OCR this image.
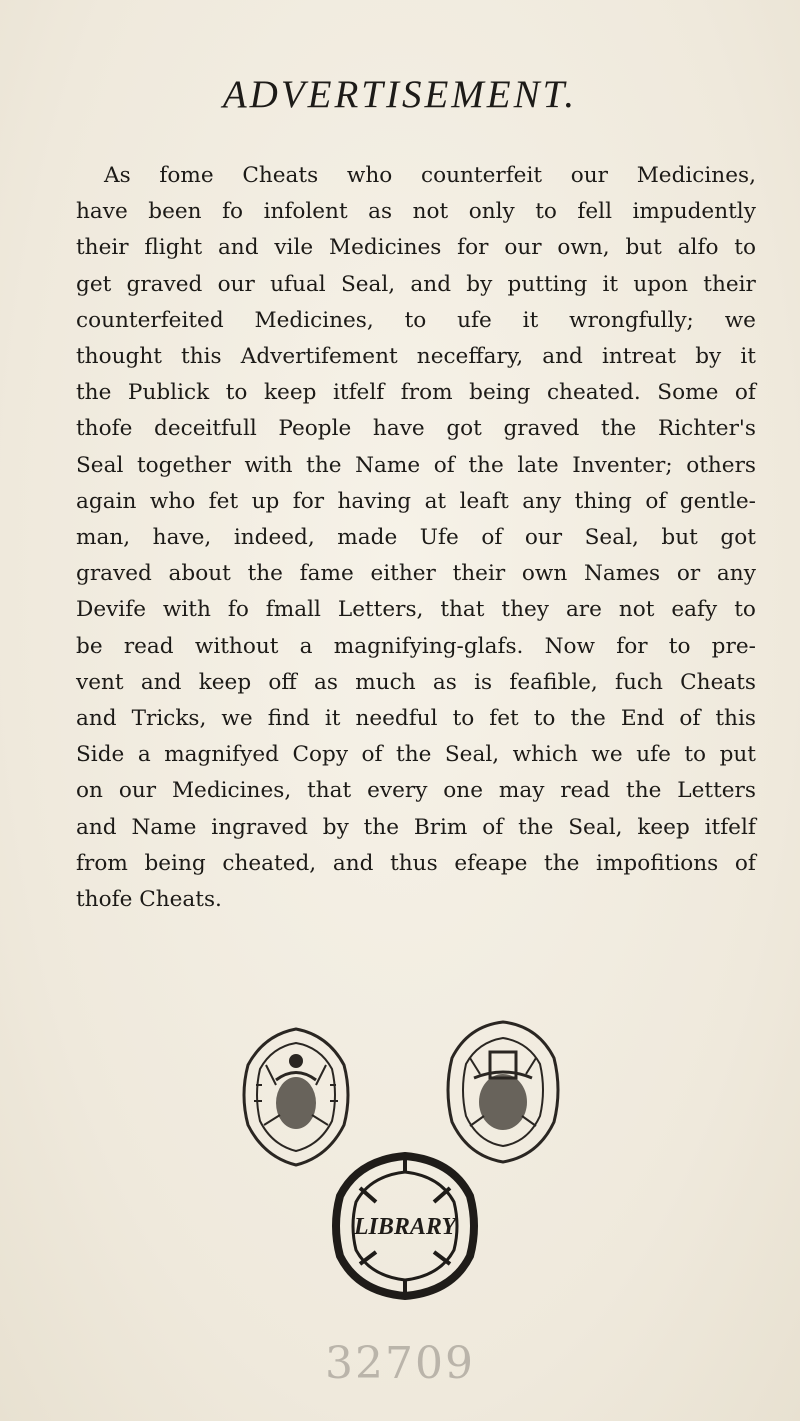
ADVERTISEMENT.
As fome Cheats who counterfeit our Medicines,
have been fo infolent as not only to fell impudently
their flight and vile Medicines for our own, but alfo to
get graved our ufual Seal, and by putting it upon their
counterfeited Medicines, to ufe it wrongfully; we
thought this Advertifement neceffary, and intreat by it
the Publick to keep itfelf from being cheated. Some of
thofe deceitfull People have got graved the Richter's
Seal together with the Name of the late Inventer; others
again who fet up for having at leaft any thing of gentle-
man, have, indeed, made Ufe of our Seal, but got
graved about the fame either their own Names or any
Devife with fo fmall Letters, that they are not eafy to
be read without a magnifying-glafs. Now for to pre-
vent and keep off as much as is feafible, fuch Cheats
and Tricks, we find it needful to fet to the End of this
Side a magnifyed Copy of the Seal, which we ufe to put
on our Medicines, that every one may read the Letters
and Name ingraved by the Brim of the Seal, keep itfelf
from being cheated, and thus efeape the impofitions of
thofe Cheats.
LIBRARY
32709
